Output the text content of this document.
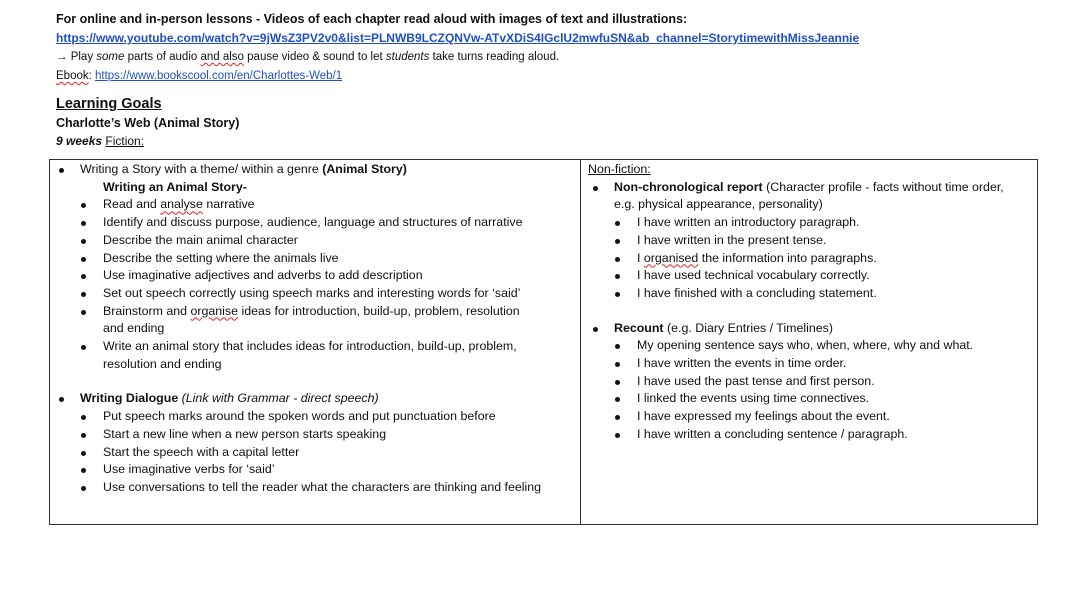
For online and in-person lessons - Videos of each chapter read aloud with images of text and illustrations:
https://www.youtube.com/watch?v=9jWsZ3PV2v0&list=PLNWB9LCZQNVw-ATvXDiS4IGclU2mwfuSN&ab_channel=StorytimewithMissJeannie
→ Play some parts of audio and also pause video & sound to let students take turns reading aloud.
Ebook: https://www.bookscool.com/en/Charlottes-Web/1
Learning Goals
Charlotte’s Web (Animal Story)
9 weeks Fiction:
Writing a Story with a theme/ within a genre (Animal Story)
Writing an Animal Story-
Read and analyse narrative
Identify and discuss purpose, audience, language and structures of narrative
Describe the main animal character
Describe the setting where the animals live
Use imaginative adjectives and adverbs to add description
Set out speech correctly using speech marks and interesting words for ‘said’
Brainstorm and organise ideas for introduction, build-up, problem, resolution
and ending
Write an animal story that includes ideas for introduction, build-up, problem,
resolution and ending
Writing Dialogue (Link with Grammar - direct speech)
Put speech marks around the spoken words and put punctuation before
Start a new line when a new person starts speaking
Start the speech with a capital letter
Use imaginative verbs for ‘said’
Use conversations to tell the reader what the characters are thinking and feeling
Non-fiction:
Non-chronological report (Character profile - facts without time order,
e.g. physical appearance, personality)
I have written an introductory paragraph.
I have written in the present tense.
I organised the information into paragraphs.
I have used technical vocabulary correctly.
I have finished with a concluding statement.
Recount (e.g. Diary Entries / Timelines)
My opening sentence says who, when, where, why and what.
I have written the events in time order.
I have used the past tense and first person.
I linked the events using time connectives.
I have expressed my feelings about the event.
I have written a concluding sentence / paragraph.
